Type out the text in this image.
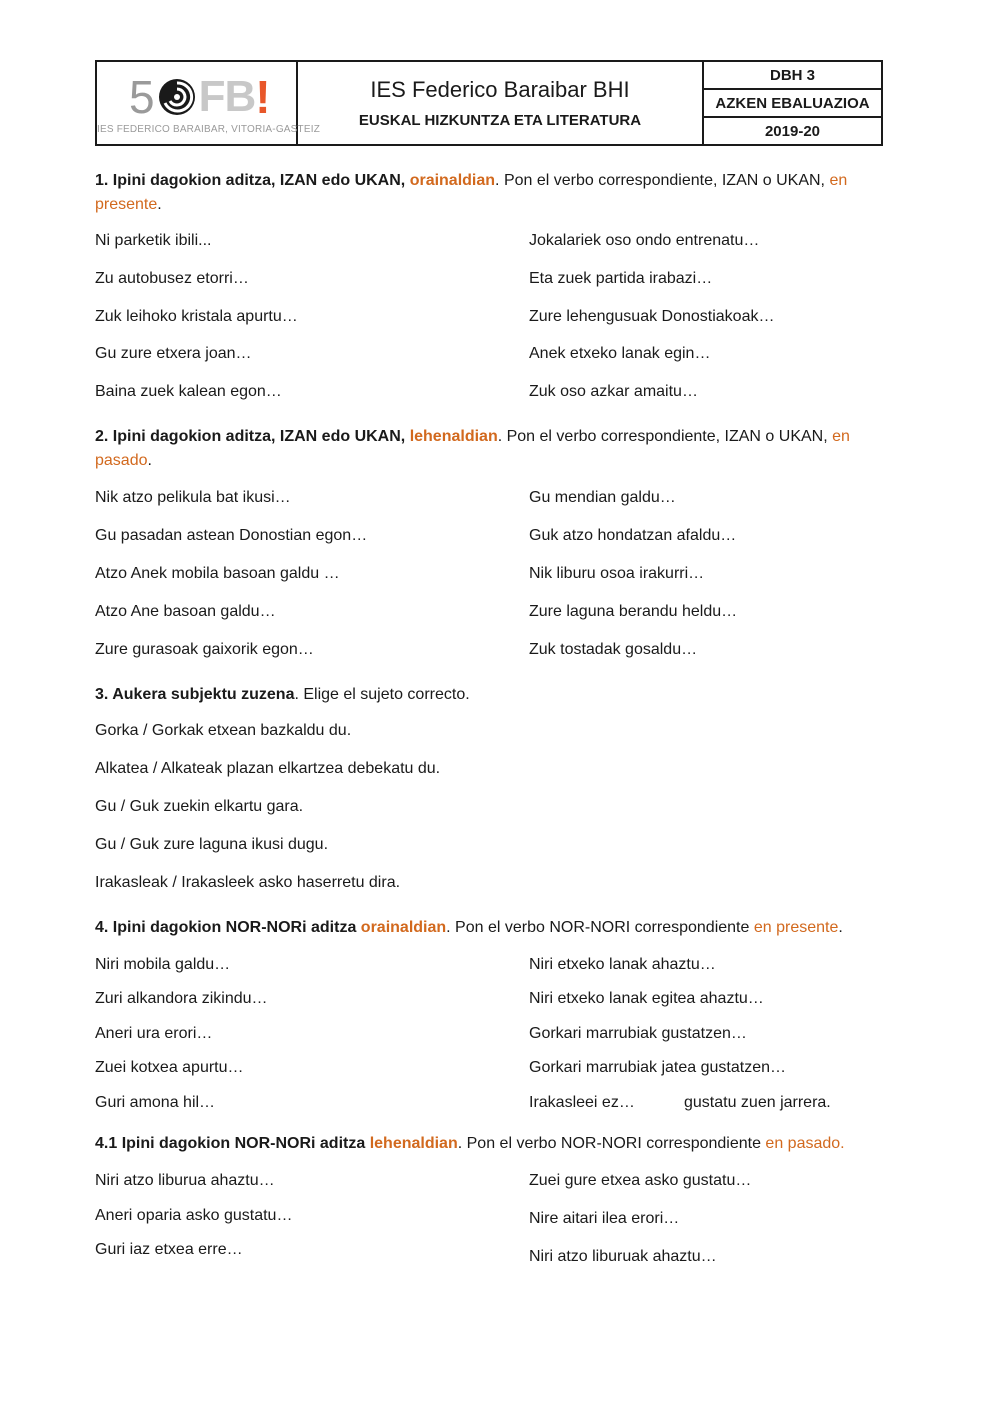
5 FB !
IES FEDERICO BARAIBAR, VITORIA-GASTEIZ
IES Federico Baraibar BHI
EUSKAL HIZKUNTZA ETA LITERATURA
DBH 3
AZKEN EBALUAZIOA
2019-20
1. Ipini dagokion aditza, IZAN edo UKAN, orainaldian. Pon el verbo correspondiente, IZAN o UKAN, en presente.
Ni parketik ibili...
Zu autobusez etorri…
Zuk leihoko kristala apurtu…
Gu zure etxera joan…
Baina zuek kalean egon…
Jokalariek oso ondo entrenatu…
Eta zuek partida irabazi…
Zure lehengusuak Donostiakoak…
Anek etxeko lanak egin…
Zuk oso azkar amaitu…
2. Ipini dagokion aditza, IZAN edo UKAN, lehenaldian. Pon el verbo correspondiente, IZAN o UKAN, en pasado.
Nik atzo pelikula bat ikusi…
Gu pasadan astean Donostian egon…
Atzo Anek mobila basoan galdu …
Atzo Ane basoan galdu…
Zure gurasoak gaixorik egon…
Gu mendian galdu…
Guk atzo hondatzan afaldu…
Nik liburu osoa irakurri…
Zure laguna berandu heldu…
Zuk tostadak gosaldu…
3. Aukera subjektu zuzena. Elige el sujeto correcto.
Gorka / Gorkak etxean bazkaldu du.
Alkatea / Alkateak plazan elkartzea debekatu du.
Gu / Guk zuekin elkartu gara.
Gu / Guk zure laguna ikusi dugu.
Irakasleak / Irakasleek asko haserretu dira.
4. Ipini dagokion NOR-NORi aditza orainaldian. Pon el verbo NOR-NORI correspondiente en presente.
Niri mobila galdu…
Zuri alkandora zikindu…
Aneri ura erori…
Zuei kotxea apurtu…
Guri amona hil…
Niri etxeko lanak ahaztu…
Niri etxeko lanak egitea ahaztu…
Gorkari marrubiak gustatzen…
Gorkari marrubiak jatea gustatzen…
Irakasleei ez…	gustatu zuen jarrera.
4.1 Ipini dagokion NOR-NORi aditza lehenaldian. Pon el verbo NOR-NORI correspondiente en pasado.
Niri atzo liburua ahaztu…
Aneri oparia asko gustatu…
Guri iaz etxea erre…
Zuei gure etxea asko gustatu…
Nire aitari ilea erori…
Niri atzo liburuak ahaztu…
